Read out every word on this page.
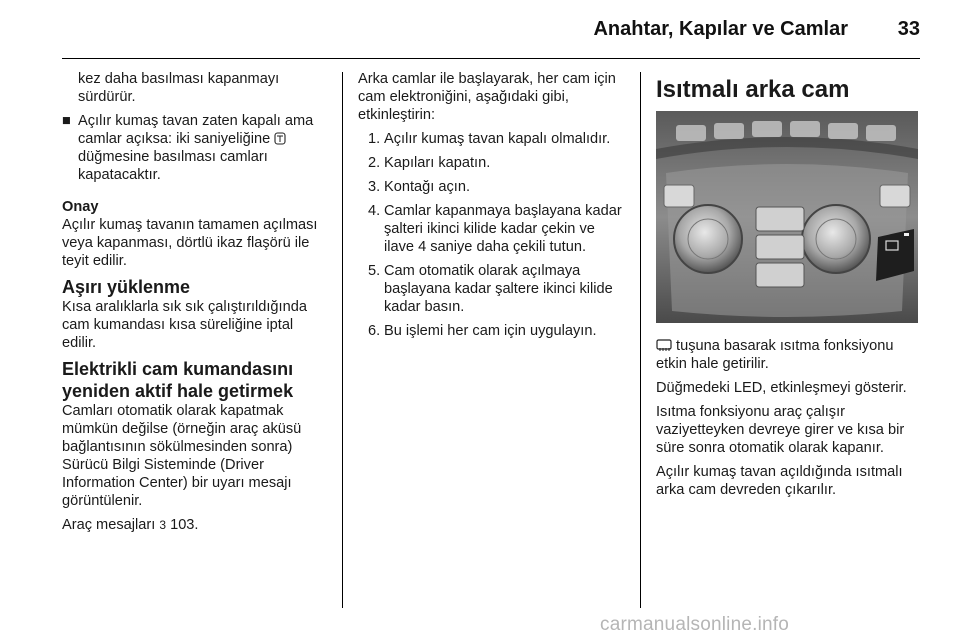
Anahtar, Kapılar ve Camlar 33

kez daha basılması kapanmayı sürdürür.

■ Açılır kumaş tavan zaten kapalı ama camlar açıksa: iki saniyeliğine  düğmesine basılması camları kapatacaktır.

Onay

Açılır kumaş tavanın tamamen açılması veya kapanması, dörtlü ikaz flaşörü ile teyit edilir.

Aşırı yüklenme

Kısa aralıklarla sık sık çalıştırıldığında cam kumandası kısa süreliğine iptal edilir.

Elektrikli cam kumandasını yeniden aktif hale getirmek

Camları otomatik olarak kapatmak mümkün değilse (örneğin araç aküsü bağlantısının sökülmesinden sonra) Sürücü Bilgi Sisteminde (Driver Information Center) bir uyarı mesajı görüntülenir.

Araç mesajları 3 103.

Arka camlar ile başlayarak, her cam için cam elektroniğini, aşağıdaki gibi, etkinleştirin:

1. Açılır kumaş tavan kapalı olmalıdır.
2. Kapıları kapatın.
3. Kontağı açın.
4. Camlar kapanmaya başlayana kadar şalteri ikinci kilide kadar çekin ve ilave 4 saniye daha çekili tutun.
5. Cam otomatik olarak açılmaya başlayana kadar şaltere ikinci kilide kadar basın.
6. Bu işlemi her cam için uygulayın.

Isıtmalı arka cam

tuşuna basarak ısıtma fonksiyonu etkin hale getirilir.

Düğmedeki LED, etkinleşmeyi gösterir.

Isıtma fonksiyonu araç çalışır vaziyetteyken devreye girer ve kısa bir süre sonra otomatik olarak kapanır.

Açılır kumaş tavan açıldığında ısıtmalı arka cam devreden çıkarılır.

carmanualsonline.info
